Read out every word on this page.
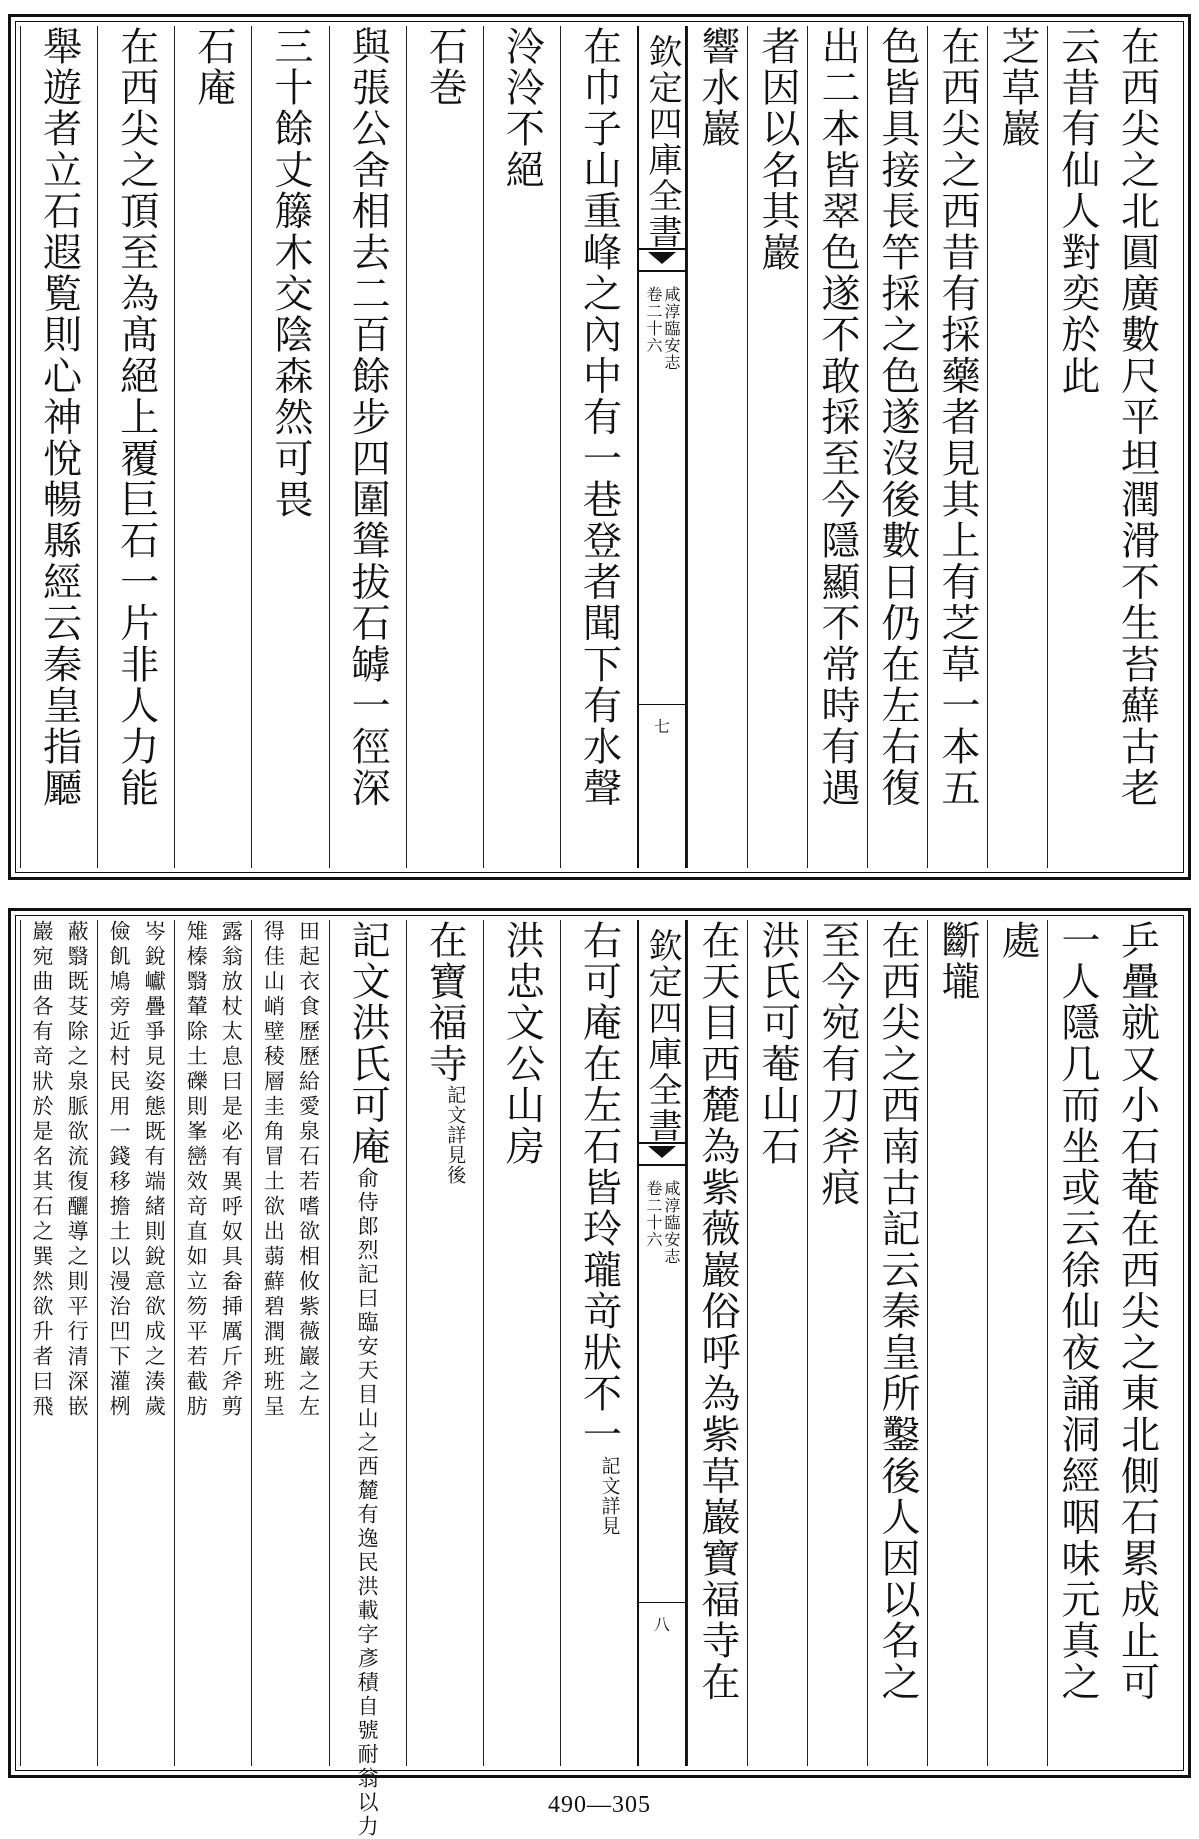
在西尖之北圓廣數尺平坦潤滑不生苔蘚古老
云昔有仙人對奕於此
芝草巖
在西尖之西昔有採藥者見其上有芝草一本五
色皆具接長竿採之色遂沒後數日仍在左右復
出二本皆翠色遂不敢採至今隱顯不常時有遇
者因以名其巖
響水巖
欽定四庫全書
咸淳臨安志
卷二十六
七
在巾子山重峰之內中有一巷登者聞下有水聲
泠泠不絕
石巻
與張公舍相去二百餘步四圍聳拔石罅一徑深
三十餘丈籐木交陰森然可畏
石庵
在西尖之頂至為髙絕上覆巨石一片非人力能
舉遊者立石遐覧則心神悅暢縣經云秦皇指㕔
乒疊就又小石菴在西尖之東北側石累成止可
一人隱几而坐或云徐仙夜誦洞經咽味元真之
處
斷壠
在西尖之西南古記云秦皇所鑿後人因以名之
至今宛有刀斧痕
洪氏可菴山石
在天目西麓為紫薇巖俗呼為紫草巖寶福寺在
欽定四庫全書
咸淳臨安志
卷二十六
八
右可庵在左石皆玲瓏竒狀不一
詳見
記文
洪忠文公山房
在寶福寺
詳見後
記文
記文洪氏可庵俞侍郎烈記曰臨安天目山之西麓有逸民洪載字彥積自號耐翁以力
田起衣食歷歷給愛泉石若嗜欲相攸紫薇巖之左
得佳山峭壁稜層圭角冒土欲出蒻蘚碧潤班班呈
露翁放杖太息曰是必有異呼奴具畚挿厲斤斧剪
雉榛翳輦除土礫則峯巒效竒直如立笏平若截肪
岑銳巘疊爭見姿態既有端緒則銳意欲成之湊歲
儉飢鳩旁近村民用一錢移擔土以漫治凹下灌栵
蔽翳既芟除之泉脈欲流復釃導之則平行清深嵌
巖宛曲各有竒狀於是名其石之巽然欲升者曰飛
490—305
